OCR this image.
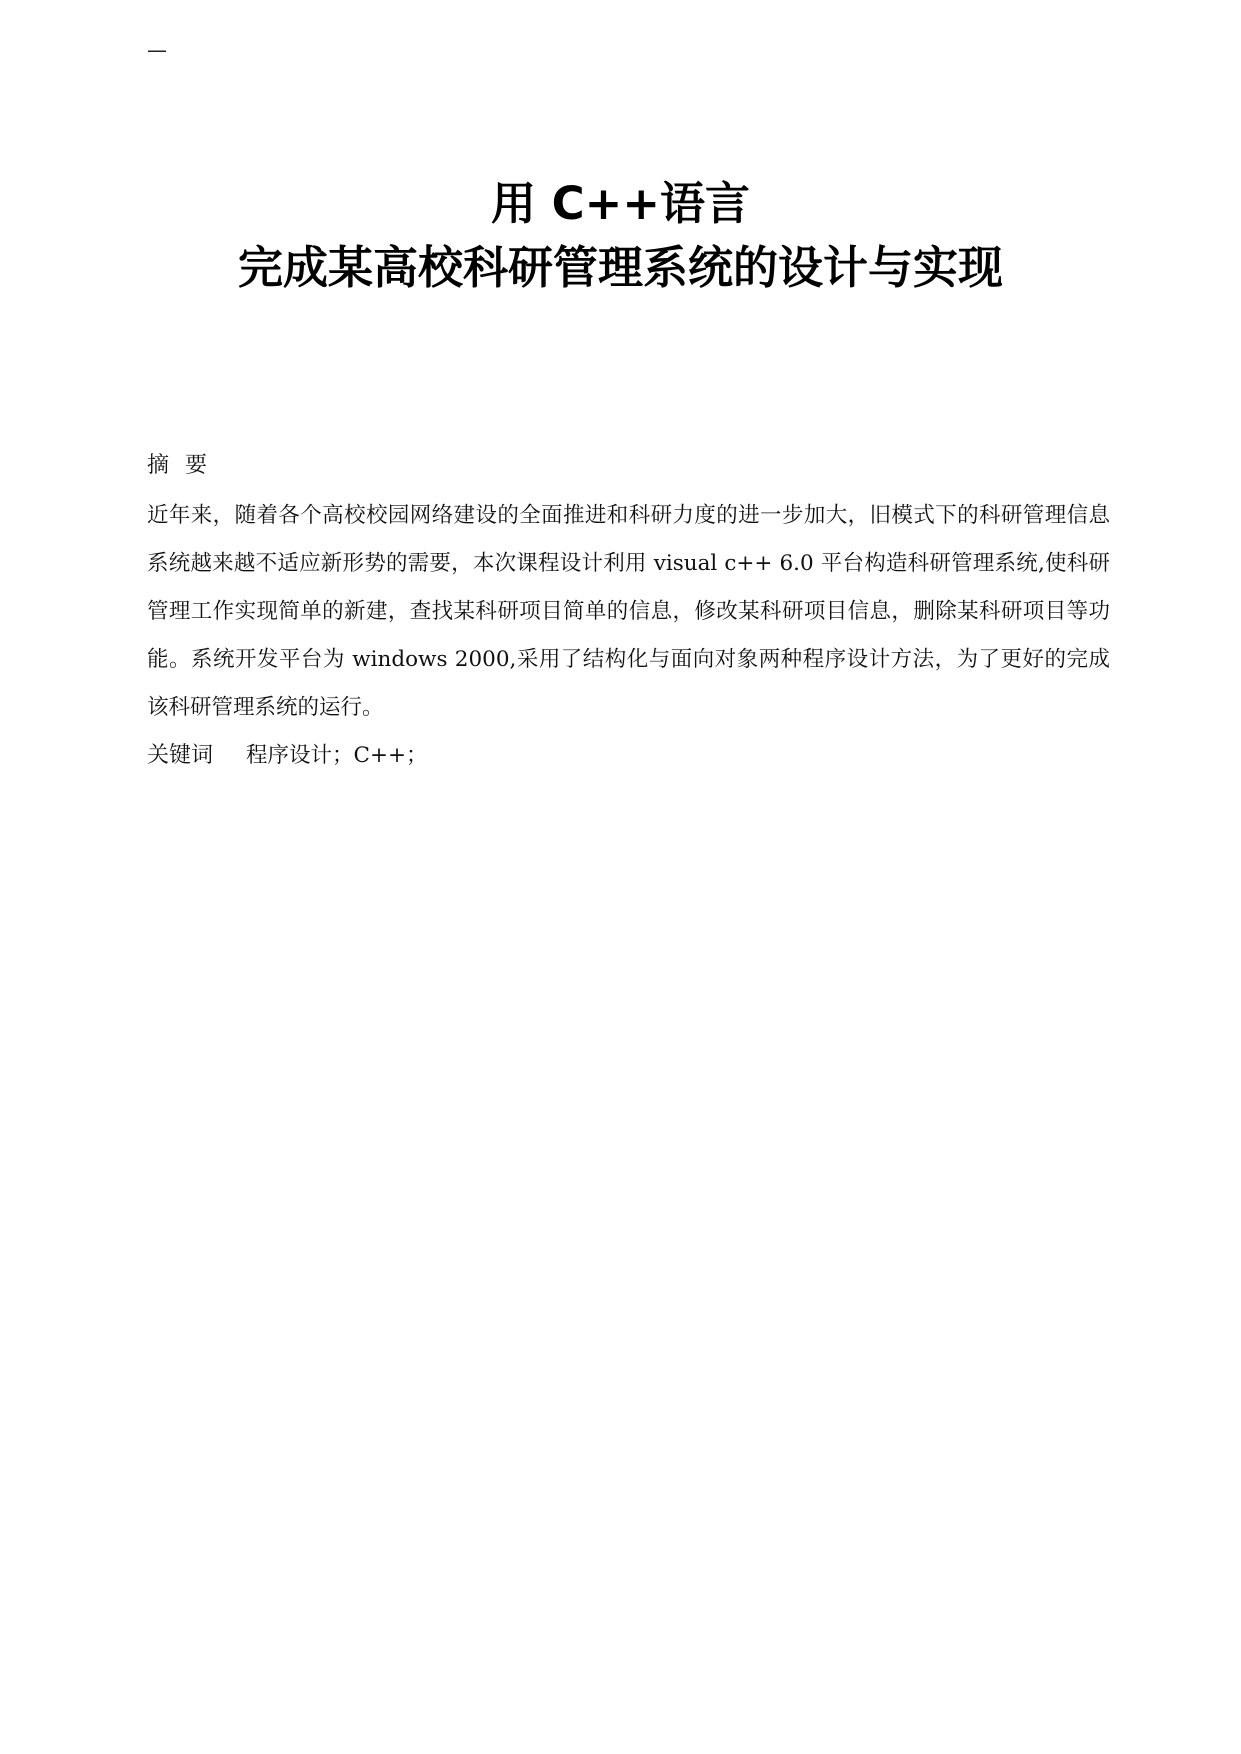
—
用 C++语言
完成某高校科研管理系统的设计与实现
摘要
近年来，随着各个高校校园网络建设的全面推进和科研力度的进一步加大，旧模式下的科研管理信息系统越来越不适应新形势的需要，本次课程设计利用 visual c++ 6.0 平台构造科研管理系统,使科研管理工作实现简单的新建，查找某科研项目简单的信息，修改某科研项目信息，删除某科研项目等功能。系统开发平台为 windows 2000,采用了结构化与面向对象两种程序设计方法，为了更好的完成该科研管理系统的运行。
关键词 程序设计；C++；
